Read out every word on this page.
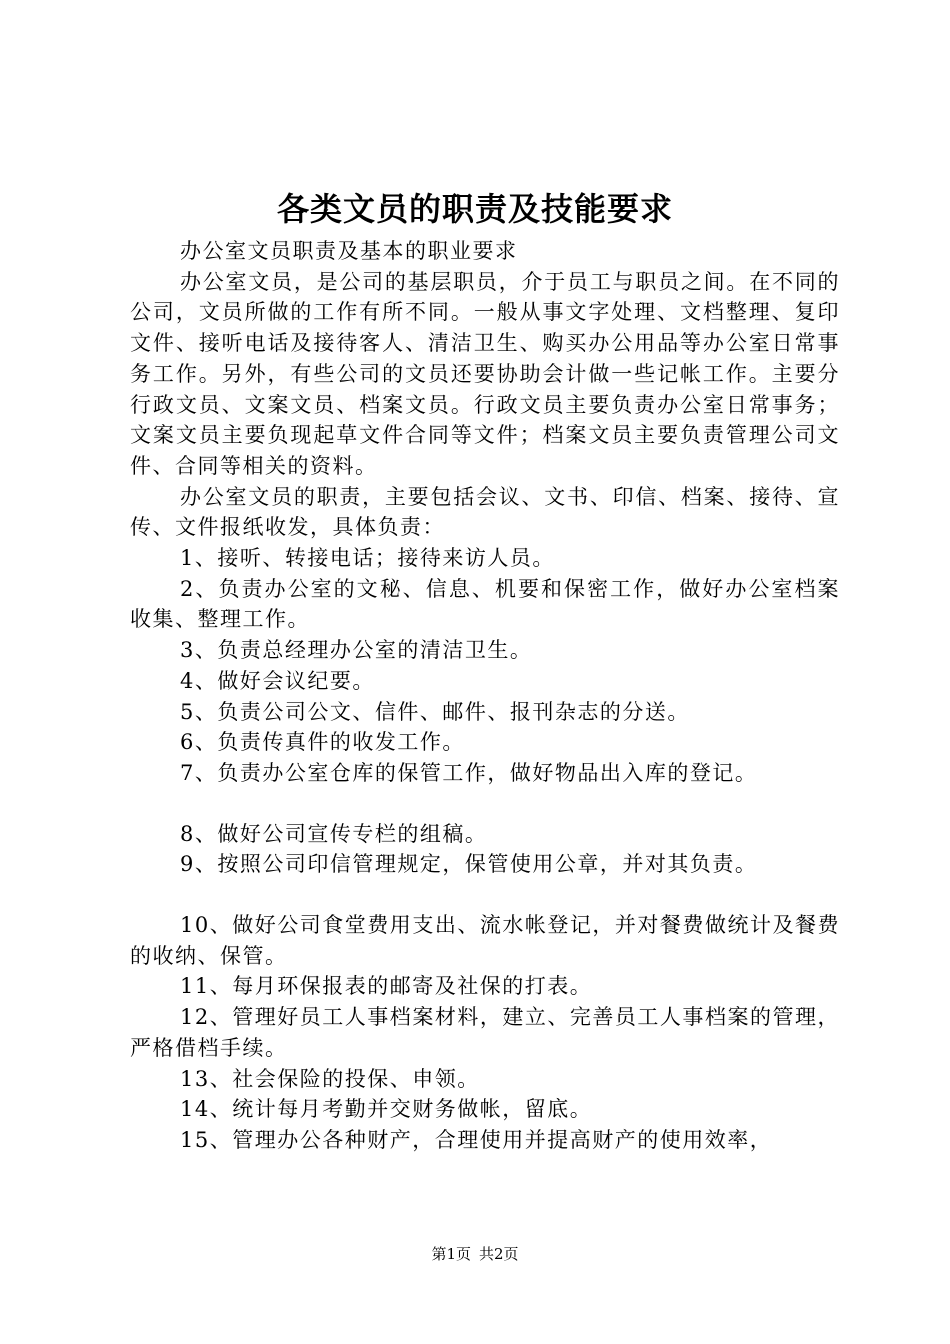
各类文员的职责及技能要求

办公室文员职责及基本的职业要求

办公室文员，是公司的基层职员，介于员工与职员之间。在不同的公司，文员所做的工作有所不同。一般从事文字处理、文档整理、复印文件、接听电话及接待客人、清洁卫生、购买办公用品等办公室日常事务工作。另外，有些公司的文员还要协助会计做一些记帐工作。主要分行政文员、文案文员、档案文员。行政文员主要负责办公室日常事务；文案文员主要负现起草文件合同等文件；档案文员主要负责管理公司文件、合同等相关的资料。

办公室文员的职责，主要包括会议、文书、印信、档案、接待、宣传、文件报纸收发，具体负责：

1、接听、转接电话；接待来访人员。

2、负责办公室的文秘、信息、机要和保密工作，做好办公室档案收集、整理工作。

3、负责总经理办公室的清洁卫生。

4、做好会议纪要。

5、负责公司公文、信件、邮件、报刊杂志的分送。

6、负责传真件的收发工作。

7、负责办公室仓库的保管工作，做好物品出入库的登记。

8、做好公司宣传专栏的组稿。

9、按照公司印信管理规定，保管使用公章，并对其负责。

10、做好公司食堂费用支出、流水帐登记，并对餐费做统计及餐费的收纳、保管。

11、每月环保报表的邮寄及社保的打表。

12、管理好员工人事档案材料，建立、完善员工人事档案的管理，严格借档手续。

13、社会保险的投保、申领。

14、统计每月考勤并交财务做帐，留底。

15、管理办公各种财产，合理使用并提高财产的使用效率，

第1页 共2页
